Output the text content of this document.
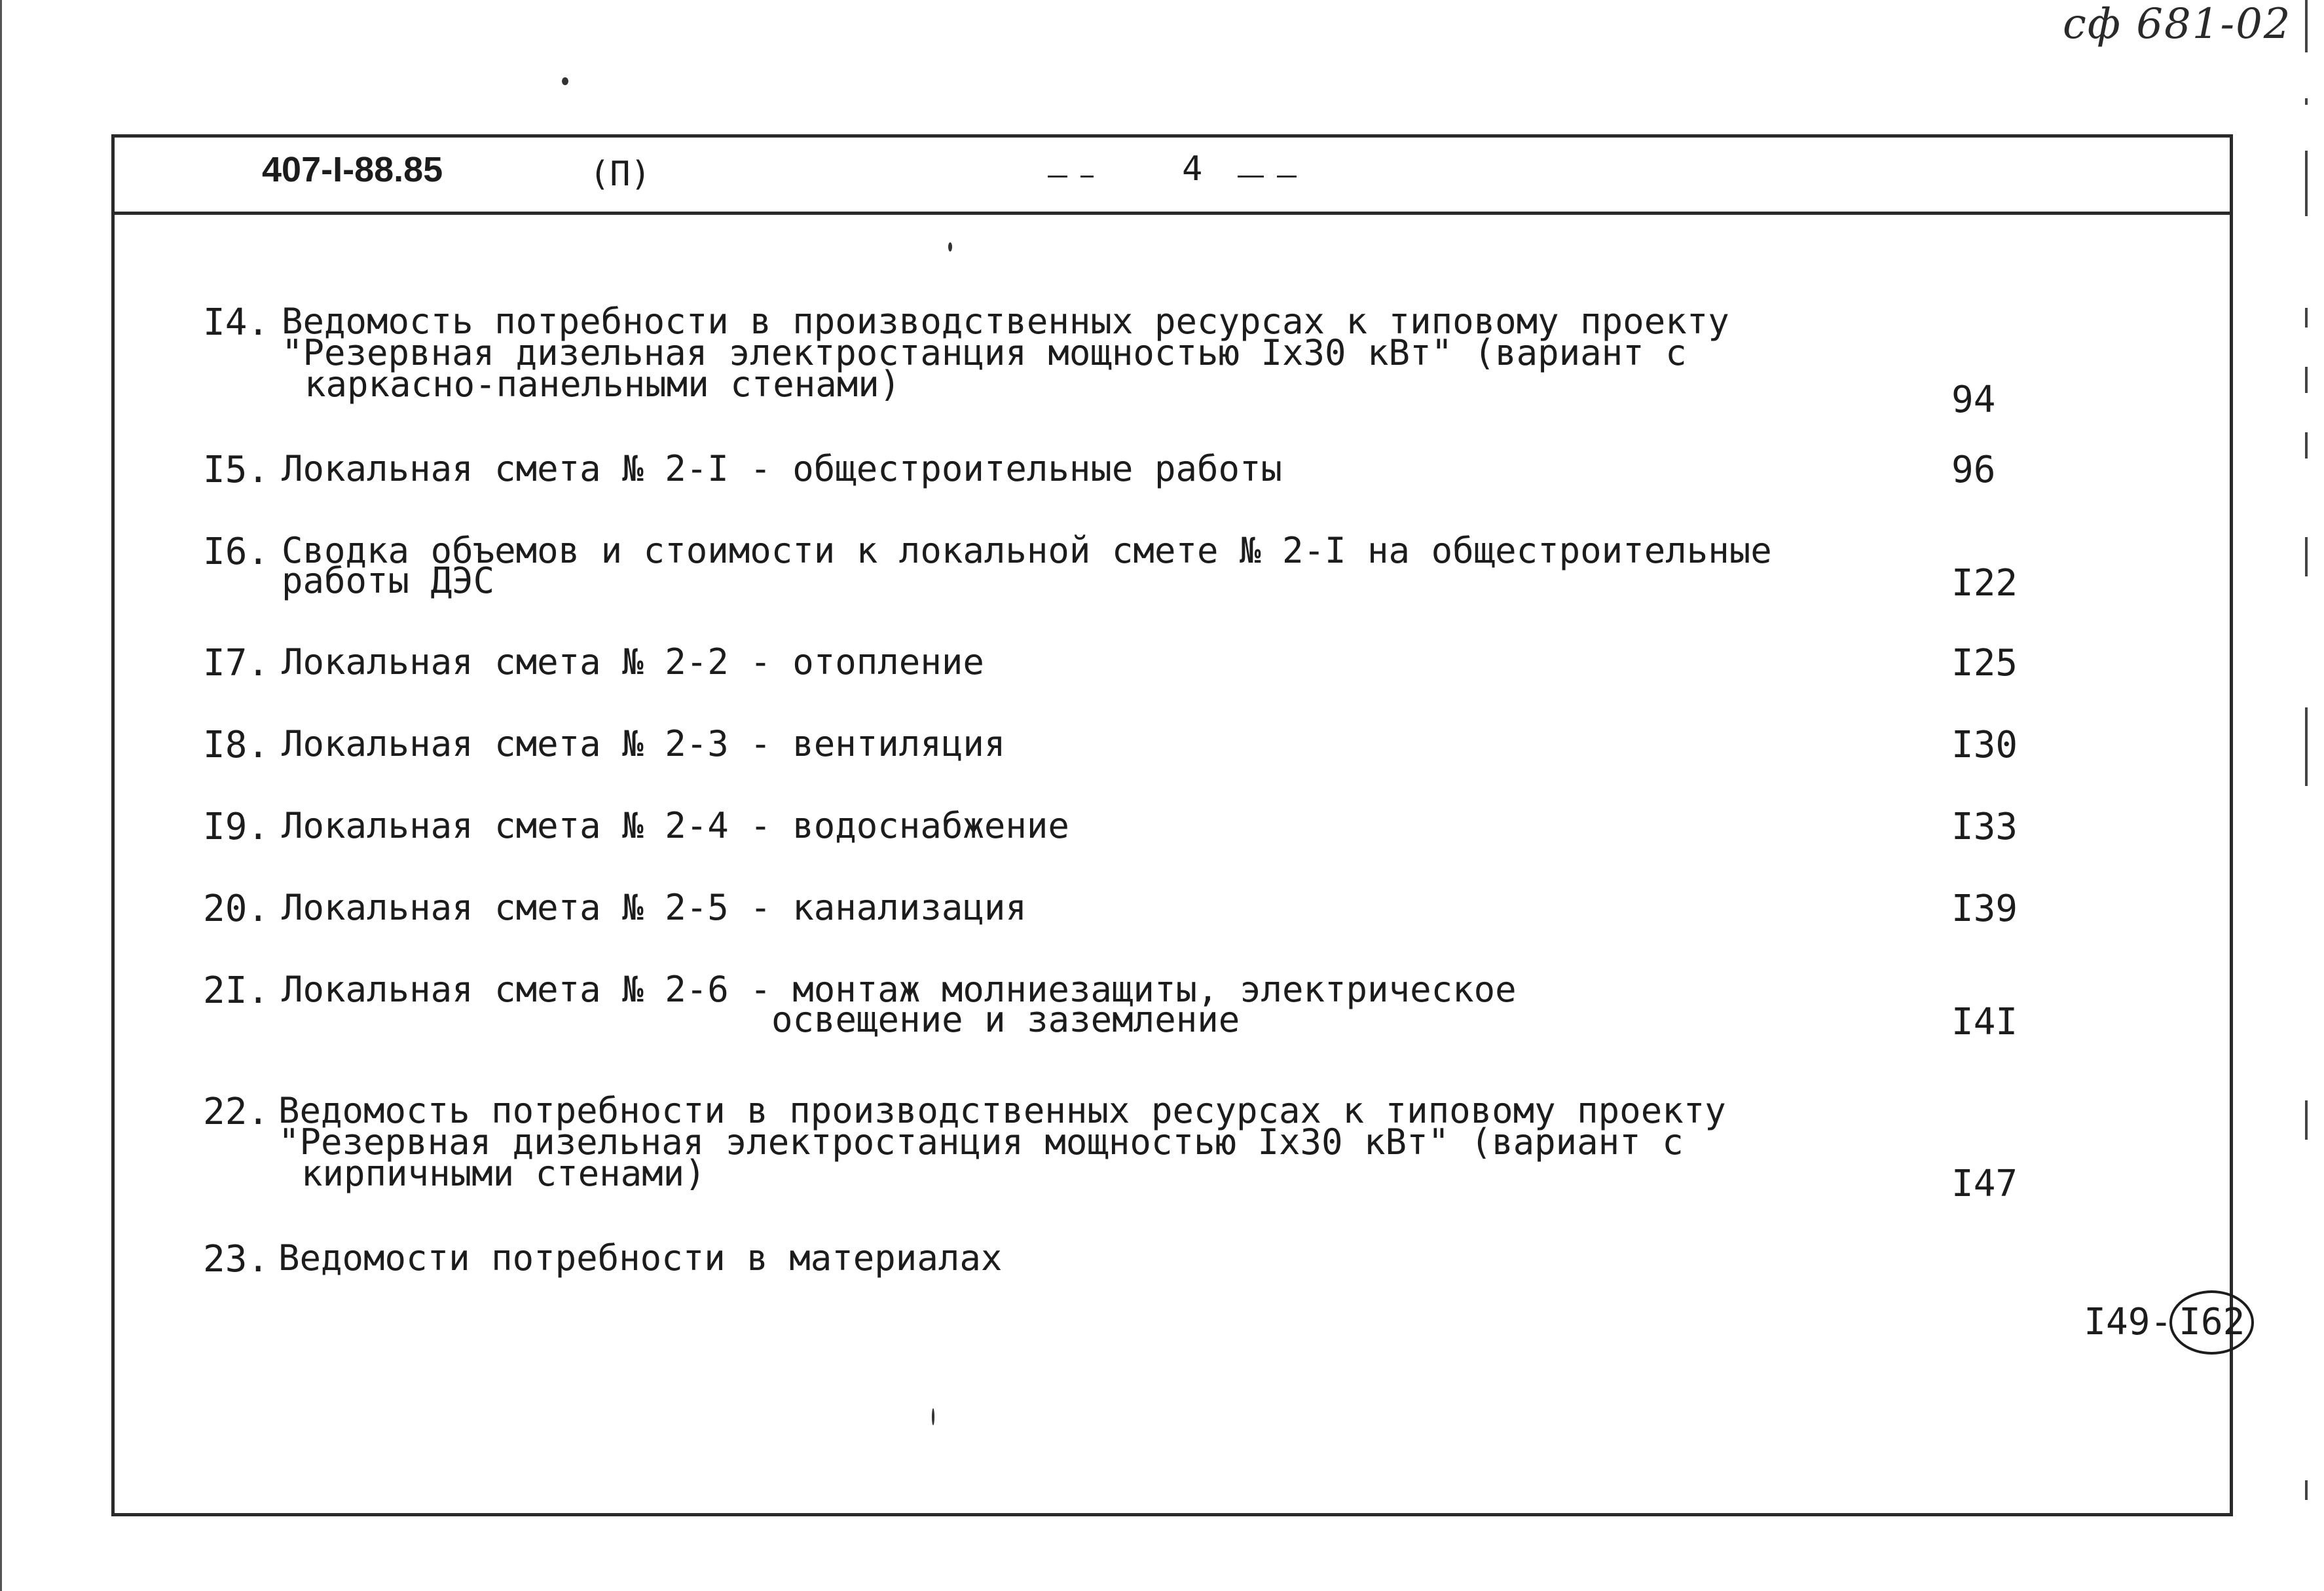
сф 681-02
407-I-88.85	(П)	4
I4. Ведомость потребности в производственных ресурсах к типовому проекту
"Резервная дизельная электростанция мощностью Iх30 кВт" (вариант с
каркасно-панельными стенами)	94
I5. Локальная смета № 2-I - общестроительные работы	96
I6. Сводка объемов и стоимости к локальной смете № 2-I на общестроительные
работы ДЭС	I22
I7. Локальная смета № 2-2 - отопление	I25
I8. Локальная смета № 2-3 - вентиляция	I30
I9. Локальная смета № 2-4 - водоснабжение	I33
20. Локальная смета № 2-5 - канализация	I39
2I. Локальная смета № 2-6 - монтаж молниезащиты, электрическое
освещение и заземление	I4I
22. Ведомость потребности в производственных ресурсах к типовому проекту
"Резервная дизельная электростанция мощностью Iх30 кВт" (вариант с
кирпичными стенами)	I47
23. Ведомости потребности в материалах

I49- I62
